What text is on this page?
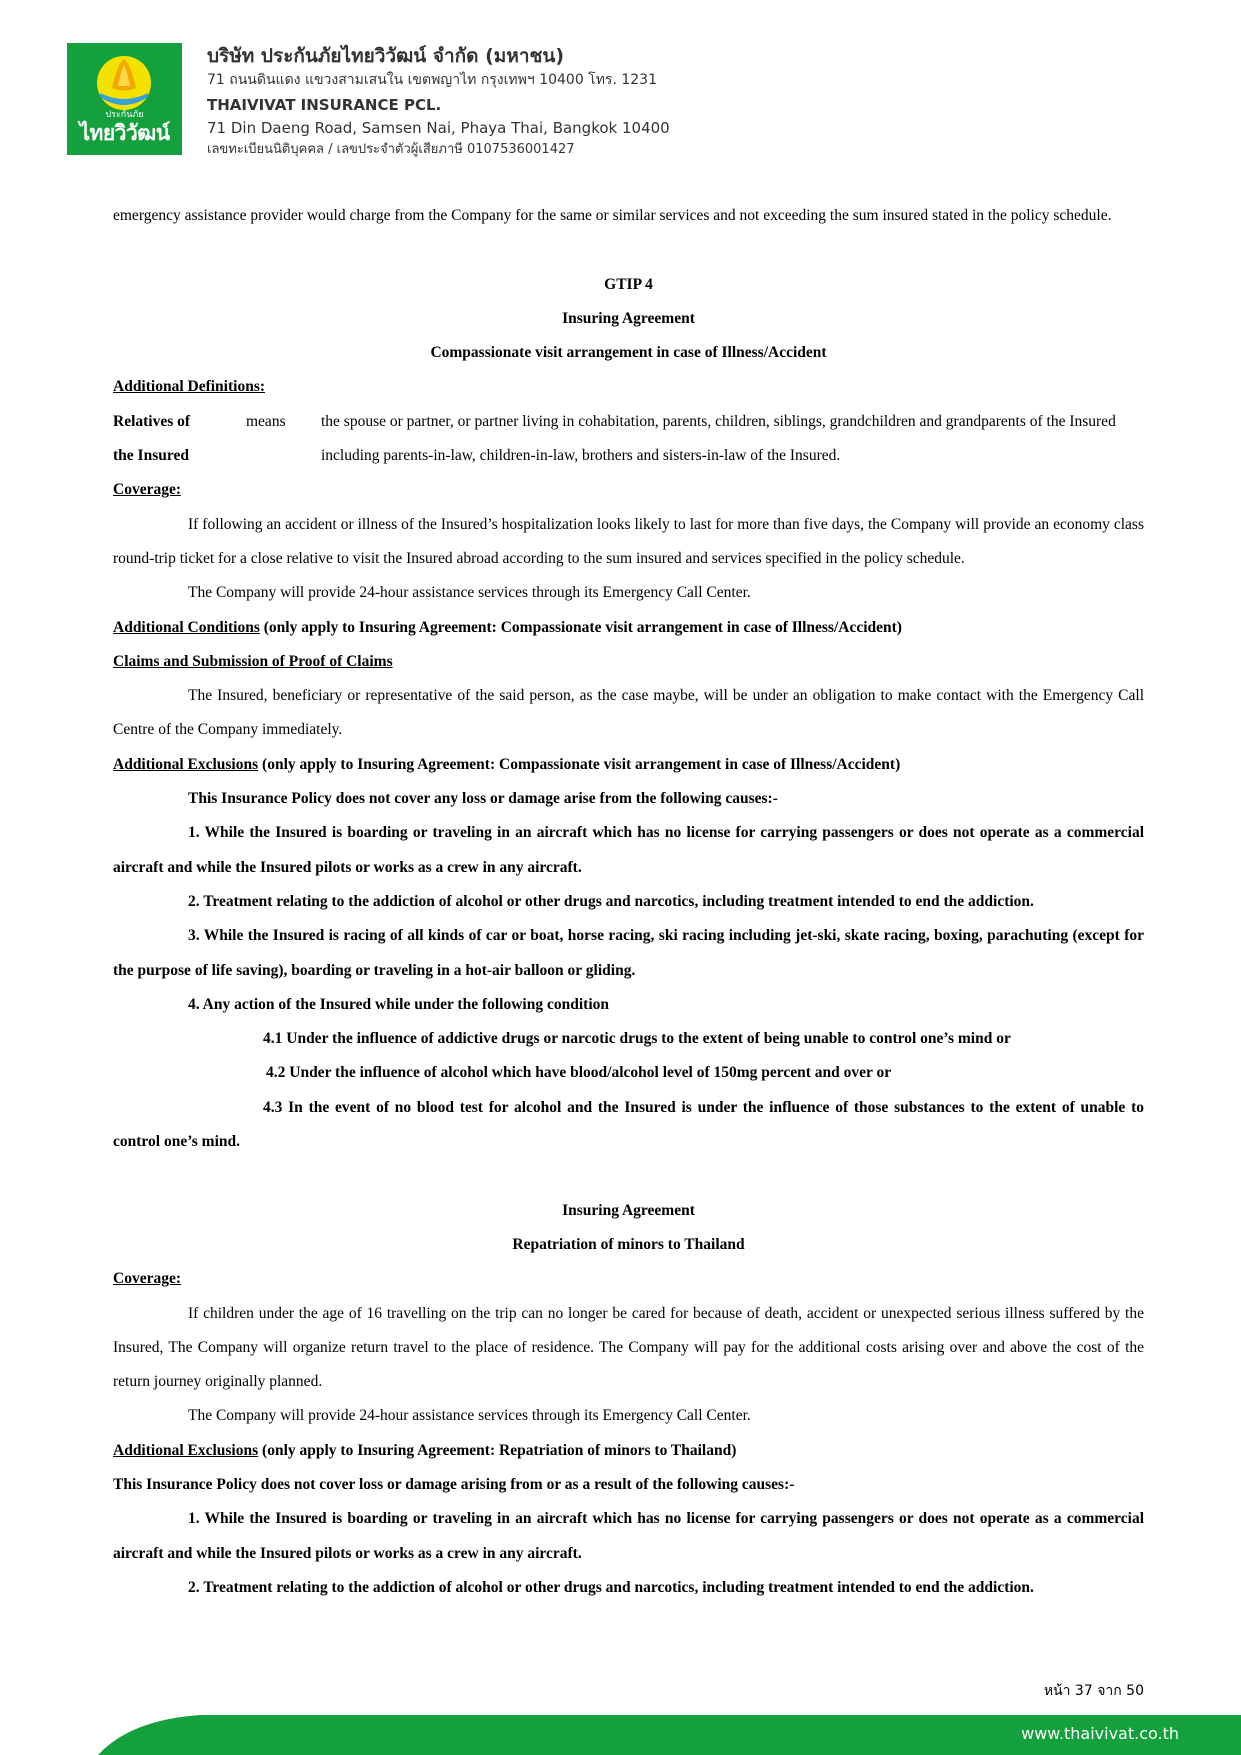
ประกันภัย
ไทยวิวัฒน์
บริษัท ประกันภัยไทยวิวัฒน์ จำกัด (มหาชน)
71 ถนนดินแดง แขวงสามเสนใน เขตพญาไท กรุงเทพฯ 10400 โทร. 1231
THAIVIVAT INSURANCE PCL.
71 Din Daeng Road, Samsen Nai, Phaya Thai, Bangkok 10400
เลขทะเบียนนิติบุคคล / เลขประจำตัวผู้เสียภาษี 0107536001427

emergency assistance provider would charge from the Company for the same or similar services and not exceeding the sum insured stated in the policy schedule.

GTIP 4

Insuring Agreement

Compassionate visit arrangement in case of Illness/Accident

Additional Definitions:

Relatives of
the Insured
means	the spouse or partner, or partner living in cohabitation, parents, children, siblings, grandchildren and grandparents of the Insured including parents-in-law, children-in-law, brothers and sisters-in-law of the Insured.

Coverage:

If following an accident or illness of the Insured’s hospitalization looks likely to last for more than five days, the Company will provide an economy class round-trip ticket for a close relative to visit the Insured abroad according to the sum insured and services specified in the policy schedule.

The Company will provide 24-hour assistance services through its Emergency Call Center.

Additional Conditions (only apply to Insuring Agreement: Compassionate visit arrangement in case of Illness/Accident)

Claims and Submission of Proof of Claims

The Insured, beneficiary or representative of the said person, as the case maybe, will be under an obligation to make contact with the Emergency Call Centre of the Company immediately.

Additional Exclusions (only apply to Insuring Agreement: Compassionate visit arrangement in case of Illness/Accident)

This Insurance Policy does not cover any loss or damage arise from the following causes:-

1. While the Insured is boarding or traveling in an aircraft which has no license for carrying passengers or does not operate as a commercial aircraft and while the Insured pilots or works as a crew in any aircraft.

2. Treatment relating to the addiction of alcohol or other drugs and narcotics, including treatment intended to end the addiction.

3. While the Insured is racing of all kinds of car or boat, horse racing, ski racing including jet-ski, skate racing, boxing, parachuting (except for the purpose of life saving), boarding or traveling in a hot-air balloon or gliding.

4. Any action of the Insured while under the following condition

4.1 Under the influence of addictive drugs or narcotic drugs to the extent of being unable to control one’s mind or

4.2 Under the influence of alcohol which have blood/alcohol level of 150mg percent and over or

4.3 In the event of no blood test for alcohol and the Insured is under the influence of those substances to the extent of unable to control one’s mind.

Insuring Agreement

Repatriation of minors to Thailand

Coverage:

If children under the age of 16 travelling on the trip can no longer be cared for because of death, accident or unexpected serious illness suffered by the Insured, The Company will organize return travel to the place of residence. The Company will pay for the additional costs arising over and above the cost of the return journey originally planned.

The Company will provide 24-hour assistance services through its Emergency Call Center.

Additional Exclusions (only apply to Insuring Agreement: Repatriation of minors to Thailand)

This Insurance Policy does not cover loss or damage arising from or as a result of the following causes:-

1. While the Insured is boarding or traveling in an aircraft which has no license for carrying passengers or does not operate as a commercial aircraft and while the Insured pilots or works as a crew in any aircraft.

2. Treatment relating to the addiction of alcohol or other drugs and narcotics, including treatment intended to end the addiction.

หน้า 37 จาก 50
www.thaivivat.co.th
